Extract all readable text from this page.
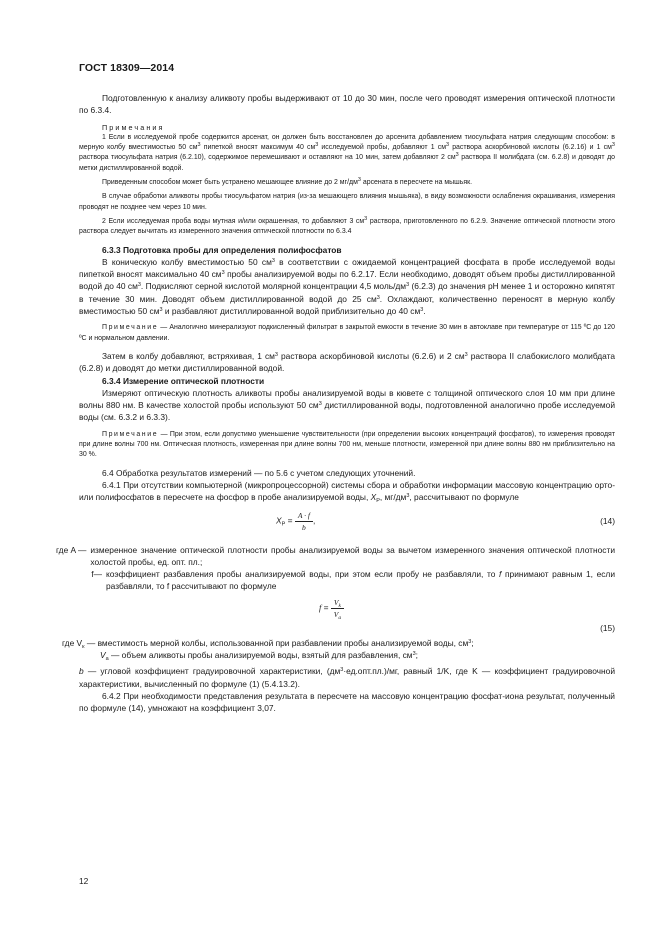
ГОСТ 18309—2014

Подготовленную к анализу аликвоту пробы выдерживают от 10 до 30 мин, после чего проводят измерения оптической плотности по 6.3.4.

Примечания

1 Если в исследуемой пробе содержится арсенат, он должен быть восстановлен до арсенита добавлением тиосульфата натрия следующим способом: в мерную колбу вместимостью 50 $см^3$ пипеткой вносят максимум 40 $см^3$ исследуемой пробы, добавляют 1 $см^3$ раствора аскорбиновой кислоты (6.2.16) и 1 $см^3$ раствора тиосульфата натрия (6.2.10), содержимое перемешивают и оставляют на 10 мин, затем добавляют 2 $см^3$ раствора II молибдата (см. 6.2.8) и доводят до метки дистиллированной водой.

Приведенным способом может быть устранено мешающее влияние до 2 $мг/дм^3$ арсената в пересчете на мышьяк.

В случае обработки аликвоты пробы тиосульфатом натрия (из-за мешающего влияния мышьяка), в виду возможности ослабления окрашивания, измерения проводят не позднее чем через 10 мин.

2 Если исследуемая проба воды мутная и/или окрашенная, то добавляют 3 $см^3$ раствора, приготовленного по 6.2.9. Значение оптической плотности этого раствора следует вычитать из измеренного значения оптической плотности по 6.3.4

6.3.3 Подготовка пробы для определения полифосфатов

В коническую колбу вместимостью 50 $см^3$ в соответствии с ожидаемой концентрацией фосфата в пробе исследуемой воды пипеткой вносят максимально 40 $см^3$ пробы анализируемой воды по 6.2.17. Если необходимо, доводят объем пробы дистиллированной водой до 40 $см^3$. Подкисляют серной кислотой молярной концентрации 4,5 моль/$дм^3$ (6.2.3) до значения pH менее 1 и осторожно кипятят в течение 30 мин. Доводят объем дистиллированной водой до 25 $см^3$. Охлаждают, количественно переносят в мерную колбу вместимостью 50 $см^3$ и разбавляют дистиллированной водой приблизительно до 40 $см^3$.

Примечание — Аналогично минерализуют подкисленный фильтрат в закрытой емкости в течение 30 мин в автоклаве при температуре от 115 ºC до 120 ºC и нормальном давлении.

Затем в колбу добавляют, встряхивая, 1 $см^3$ раствора аскорбиновой кислоты (6.2.6) и 2 $см^3$ раствора II слабокислого молибдата (6.2.8) и доводят до метки дистиллированной водой.

6.3.4 Измерение оптической плотности

Измеряют оптическую плотность аликвоты пробы анализируемой воды в кювете с толщиной оптического слоя 10 мм при длине волны 880 нм. В качестве холостой пробы используют 50 $см^3$ дистиллированной воды, подготовленной аналогично пробе исследуемой воды (см. 6.3.2 и 6.3.3).

Примечание — При этом, если допустимо уменьшение чувствительности (при определении высоких концентраций фосфатов), то измерения проводят при длине волны 700 нм. Оптическая плотность, измеренная при длине волны 700 нм, меньше плотности, измеренной при длине волны 880 нм приблизительно на 30 %.

6.4 Обработка результатов измерений — по 5.6 с учетом следующих уточнений.

6.4.1 При отсутствии компьютерной (микропроцессорной) системы сбора и обработки информации массовую концентрацию орто- или полифосфатов в пересчете на фосфор в пробе анализируемой воды, $X_P$, $мг/дм^3$, рассчитывают по формуле

$X_P = \frac{A \cdot f}{b}$ ,	(14)
где A — измеренное значение оптической плотности пробы анализируемой воды за вычетом измеренного значения оптической плотности холостой пробы, ед. опт. пл.;
f— коэффициент разбавления пробы анализируемой воды, при этом если пробу не разбавляли, то f принимают равным 1, если разбавляли, то f рассчитывают по формуле
$f = \frac{V_k}{V_a}$
(15)
где $V_к$ — вместимость мерной колбы, использованной при разбавлении пробы анализируемой воды, $см^3$;
$V_а$ — объем аликвоты пробы анализируемой воды, взятый для разбавления, $см^3$;

b — угловой коэффициент градуировочной характеристики, $(дм^3\cdot ед.опт.пл.)/мг$, равный 1/K, где K — коэффициент градуировочной характеристики, вычисленный по формуле (1) (5.4.13.2).

6.4.2 При необходимости представления результата в пересчете на массовую концентрацию фосфат-иона результат, полученный по формуле (14), умножают на коэффициент 3,07.

12
